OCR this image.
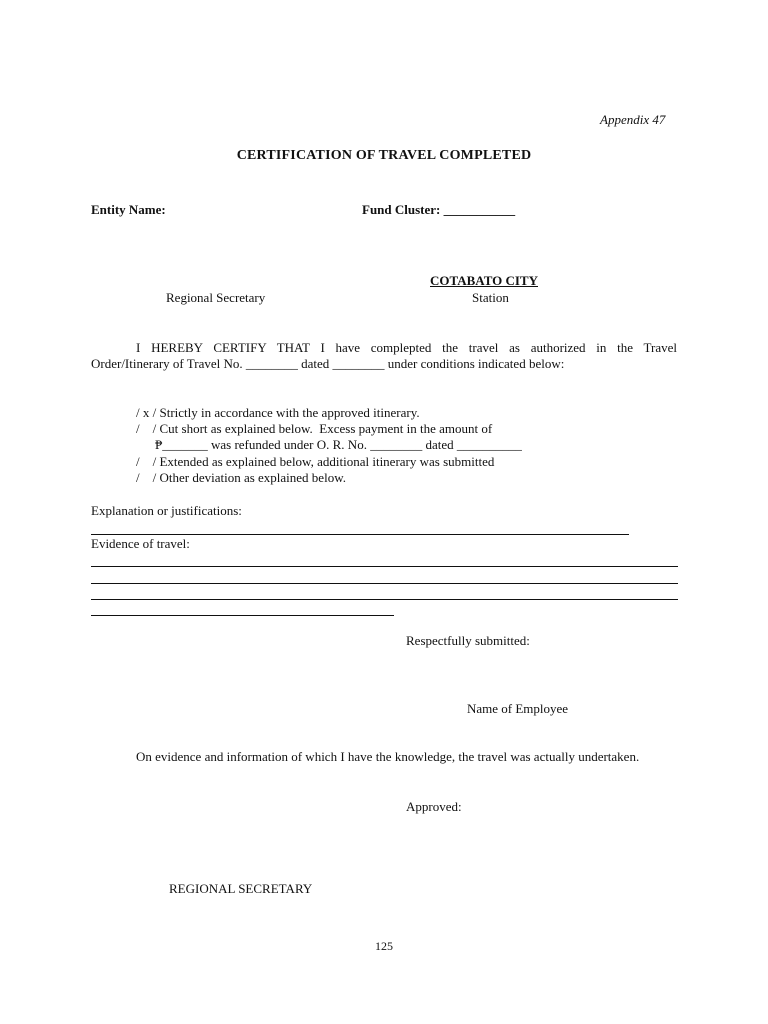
Appendix 47
CERTIFICATION OF TRAVEL COMPLETED
Entity Name:	Fund Cluster: ___________
COTABATO CITY
Regional Secretary	Station
I HEREBY CERTIFY THAT I have complepted the travel as authorized in the Travel
Order/Itinerary of Travel No. ________ dated ________ under conditions indicated below:
/ x / Strictly in accordance with the approved itinerary.
/    / Cut short as explained below.  Excess payment in the amount of
₱_______ was refunded under O. R. No. ________ dated __________
/    / Extended as explained below, additional itinerary was submitted
/    / Other deviation as explained below.
Explanation or justifications:
Evidence of travel:
Respectfully submitted:
Name of Employee
On evidence and information of which I have the knowledge, the travel was actually undertaken.
Approved:
REGIONAL SECRETARY
125
